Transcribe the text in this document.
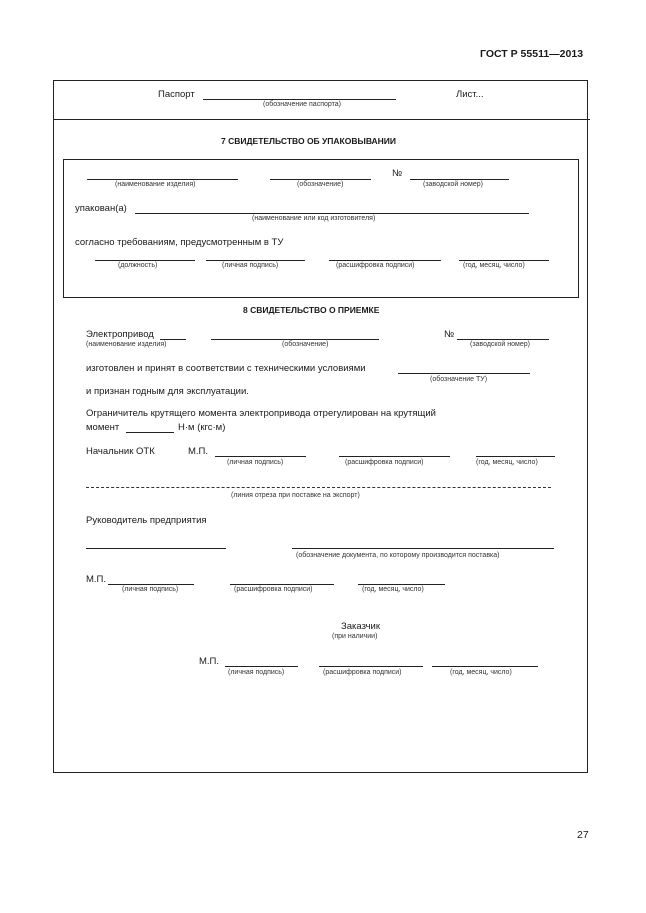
ГОСТ Р 55511—2013
Паспорт
(обозначение паспорта)
Лист...
7 СВИДЕТЕЛЬСТВО ОБ УПАКОВЫВАНИИ
(наименование изделия)	(обозначение)
№
(заводской номер)
упакован(а)
(наименование или код изготовителя)
согласно требованиям, предусмотренным в ТУ
(должность)	(личная подпись)	(расшифровка подписи)	(год, месяц, число)
8 СВИДЕТЕЛЬСТВО О ПРИЕМКЕ
Электропривод
(наименование изделия)	(обозначение)
№
(заводской номер)
изготовлен и принят в соответствии с техническими условиями
(обозначение ТУ)
и признан годным для эксплуатации.
Ограничитель крутящего момента электропривода отрегулирован на крутящий
момент	Н·м (кгс·м)
Начальник ОТК	М.П.
(личная подпись)	(расшифровка подписи)	(год, месяц, число)
(линия отреза при поставке на экспорт)
Руководитель предприятия
(обозначение документа, по которому производится поставка)
М.П.
(личная подпись)	(расшифровка подписи)	(год, месяц, число)
Заказчик
(при наличии)
М.П.
(личная подпись)	(расшифровка подписи)	(год, месяц, число)
27
